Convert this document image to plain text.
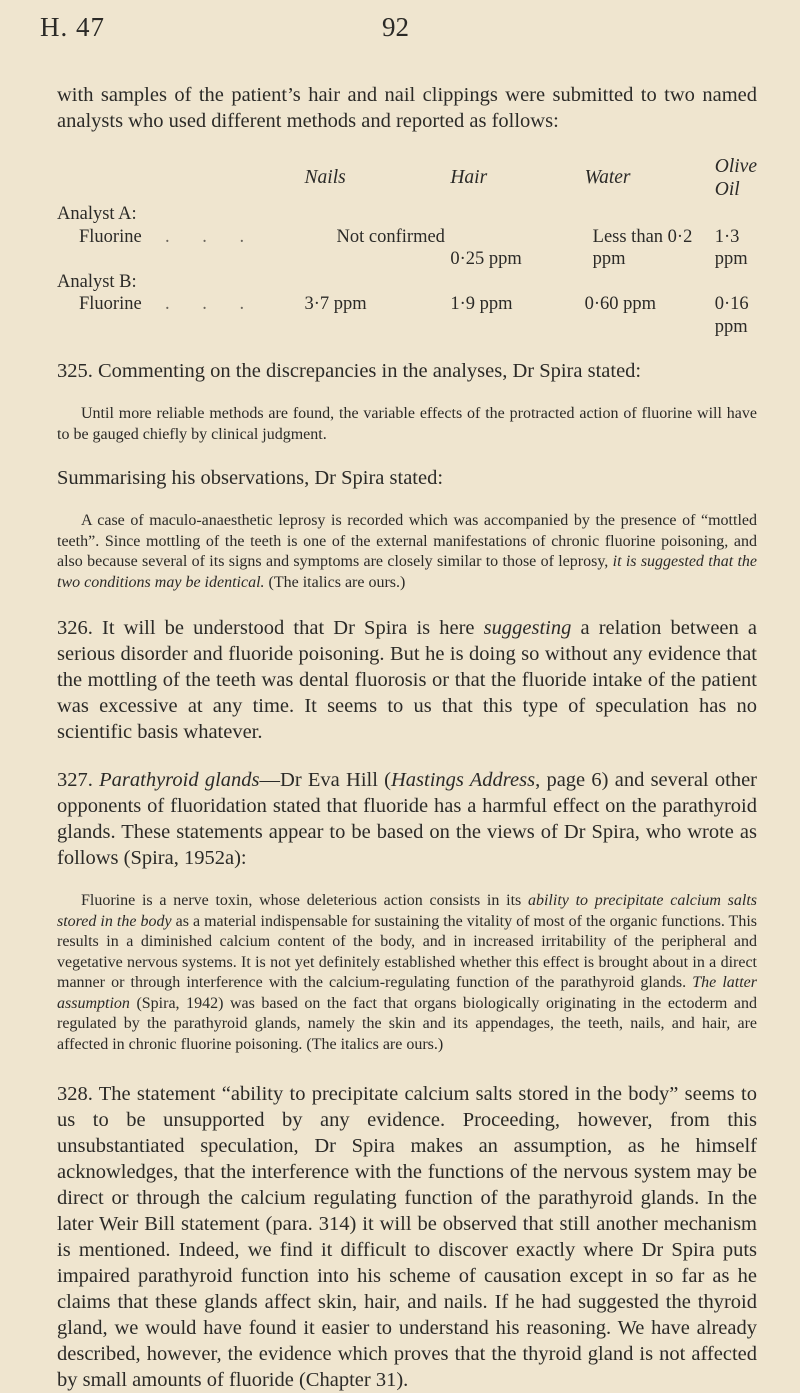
H. 47	92

with samples of the patient’s hair and nail clippings were submitted to two named analysts who used different methods and reported as follows:

	Nails	Hair	Water	Olive Oil
Analyst A:				
Fluorine  . . .	Not confirmed	0·25 ppm	Less than 0·2 ppm	1·3 ppm
Analyst B:				
Fluorine  . . .	3·7 ppm	1·9 ppm	0·60 ppm	0·16 ppm

325. Commenting on the discrepancies in the analyses, Dr Spira stated:

Until more reliable methods are found, the variable effects of the protracted action of fluorine will have to be gauged chiefly by clinical judgment.

Summarising his observations, Dr Spira stated:

A case of maculo-anaesthetic leprosy is recorded which was accompanied by the presence of “mottled teeth”. Since mottling of the teeth is one of the external manifestations of chronic fluorine poisoning, and also because several of its signs and symptoms are closely similar to those of leprosy, it is suggested that the two conditions may be identical. (The italics are ours.)

326. It will be understood that Dr Spira is here suggesting a relation between a serious disorder and fluoride poisoning. But he is doing so without any evidence that the mottling of the teeth was dental fluorosis or that the fluoride intake of the patient was excessive at any time. It seems to us that this type of speculation has no scientific basis whatever.

327. Parathyroid glands—Dr Eva Hill (Hastings Address, page 6) and several other opponents of fluoridation stated that fluoride has a harmful effect on the parathyroid glands. These statements appear to be based on the views of Dr Spira, who wrote as follows (Spira, 1952a):

Fluorine is a nerve toxin, whose deleterious action consists in its ability to precipitate calcium salts stored in the body as a material indispensable for sustaining the vitality of most of the organic functions. This results in a diminished calcium content of the body, and in increased irritability of the peripheral and vegetative nervous systems. It is not yet definitely established whether this effect is brought about in a direct manner or through interference with the calcium-regulating function of the parathyroid glands. The latter assumption (Spira, 1942) was based on the fact that organs biologically originating in the ectoderm and regulated by the parathyroid glands, namely the skin and its appendages, the teeth, nails, and hair, are affected in chronic fluorine poisoning. (The italics are ours.)

328. The statement “ability to precipitate calcium salts stored in the body” seems to us to be unsupported by any evidence. Proceeding, however, from this unsubstantiated speculation, Dr Spira makes an assumption, as he himself acknowledges, that the interference with the functions of the nervous system may be direct or through the calcium regulating function of the parathyroid glands. In the later Weir Bill statement (para. 314) it will be observed that still another mechanism is mentioned. Indeed, we find it difficult to discover exactly where Dr Spira puts impaired parathyroid function into his scheme of causation except in so far as he claims that these glands affect skin, hair, and nails. If he had suggested the thyroid gland, we would have found it easier to understand his reasoning. We have already described, however, the evidence which proves that the thyroid gland is not affected by small amounts of fluoride (Chapter 31).
